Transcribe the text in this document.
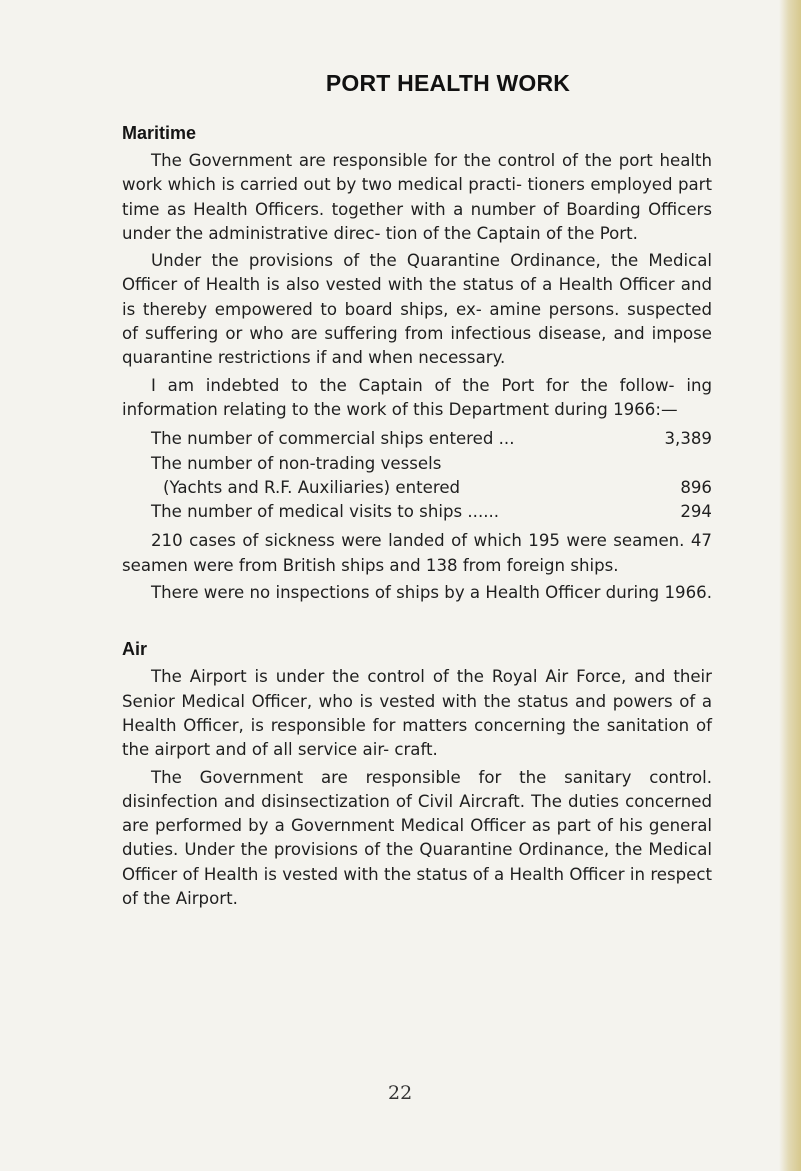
PORT HEALTH WORK
Maritime

The Government are responsible for the control of the port health work which is carried out by two medical practi- tioners employed part time as Health Officers. together with a number of Boarding Officers under the administrative direc- tion of the Captain of the Port.

Under the provisions of the Quarantine Ordinance, the Medical Officer of Health is also vested with the status of a Health Officer and is thereby empowered to board ships, ex- amine persons. suspected of suffering or who are suffering from infectious disease, and impose quarantine restrictions if and when necessary.

I am indebted to the Captain of the Port for the follow- ing information relating to the work of this Department during 1966:—

The number of commercial ships entered ...	3,389
The number of non-trading vessels
(Yachts and R.F. Auxiliaries) entered	896
The number of medical visits to ships ......	294

210 cases of sickness were landed of which 195 were seamen. 47 seamen were from British ships and 138 from foreign ships.

There were no inspections of ships by a Health Officer during 1966.

Air

The Airport is under the control of the Royal Air Force, and their Senior Medical Officer, who is vested with the status and powers of a Health Officer, is responsible for matters concerning the sanitation of the airport and of all service air- craft.

The Government are responsible for the sanitary control. disinfection and disinsectization of Civil Aircraft. The duties concerned are performed by a Government Medical Officer as part of his general duties. Under the provisions of the Quarantine Ordinance, the Medical Officer of Health is vested with the status of a Health Officer in respect of the Airport.

22
